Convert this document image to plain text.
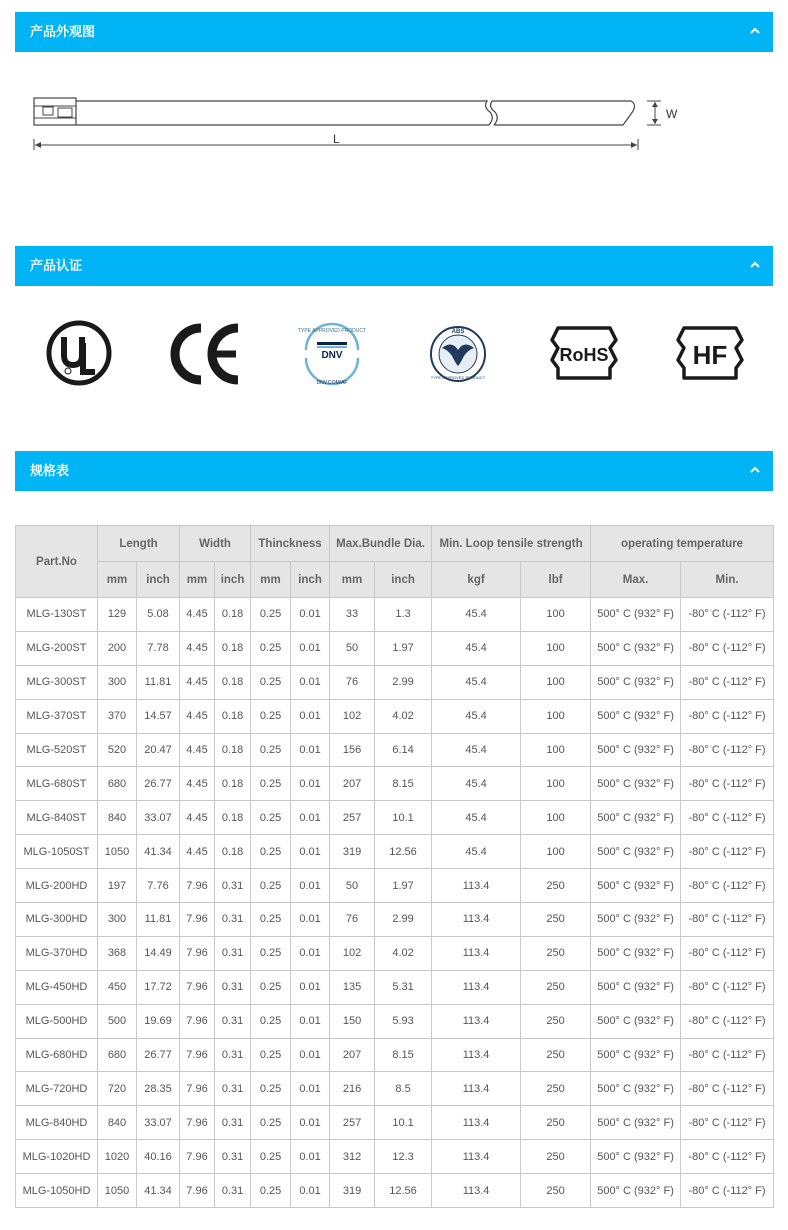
产品外观图
W
L
产品认证
TYPE APPROVED PRODUCT
DNV
DNV.COM/AF
ABS
TYPE APPROVED PRODUCT
RoHS	HF
规格表
Part.No	Length		Width		Thinckness		Max.Bundle Dia.		Min. Loop tensile strength		operating temperature	
	mm	inch	mm	inch	mm	inch	mm	inch	kgf	lbf	Max.	Min.
MLG-130ST	129	5.08	4.45	0.18	0.25	0.01	33	1.3	45.4	100	500° C (932° F)	-80° C (-112° F)
MLG-200ST	200	7.78	4.45	0.18	0.25	0.01	50	1.97	45.4	100	500° C (932° F)	-80° C (-112° F)
MLG-300ST	300	11.81	4.45	0.18	0.25	0.01	76	2.99	45.4	100	500° C (932° F)	-80° C (-112° F)
MLG-370ST	370	14.57	4.45	0.18	0.25	0.01	102	4.02	45.4	100	500° C (932° F)	-80° C (-112° F)
MLG-520ST	520	20.47	4.45	0.18	0.25	0.01	156	6.14	45.4	100	500° C (932° F)	-80° C (-112° F)
MLG-680ST	680	26.77	4.45	0.18	0.25	0.01	207	8.15	45.4	100	500° C (932° F)	-80° C (-112° F)
MLG-840ST	840	33.07	4.45	0.18	0.25	0.01	257	10.1	45.4	100	500° C (932° F)	-80° C (-112° F)
MLG-1050ST	1050	41.34	4.45	0.18	0.25	0.01	319	12.56	45.4	100	500° C (932° F)	-80° C (-112° F)
MLG-200HD	197	7.76	7.96	0.31	0.25	0.01	50	1.97	113.4	250	500° C (932° F)	-80° C (-112° F)
MLG-300HD	300	11.81	7.96	0.31	0.25	0.01	76	2.99	113.4	250	500° C (932° F)	-80° C (-112° F)
MLG-370HD	368	14.49	7.96	0.31	0.25	0.01	102	4.02	113.4	250	500° C (932° F)	-80° C (-112° F)
MLG-450HD	450	17.72	7.96	0.31	0.25	0.01	135	5.31	113.4	250	500° C (932° F)	-80° C (-112° F)
MLG-500HD	500	19.69	7.96	0.31	0.25	0.01	150	5.93	113.4	250	500° C (932° F)	-80° C (-112° F)
MLG-680HD	680	26.77	7.96	0.31	0.25	0.01	207	8.15	113.4	250	500° C (932° F)	-80° C (-112° F)
MLG-720HD	720	28.35	7.96	0.31	0.25	0.01	216	8.5	113.4	250	500° C (932° F)	-80° C (-112° F)
MLG-840HD	840	33.07	7.96	0.31	0.25	0.01	257	10.1	113.4	250	500° C (932° F)	-80° C (-112° F)
MLG-1020HD	1020	40.16	7.96	0.31	0.25	0.01	312	12.3	113.4	250	500° C (932° F)	-80° C (-112° F)
MLG-1050HD	1050	41.34	7.96	0.31	0.25	0.01	319	12.56	113.4	250	500° C (932° F)	-80° C (-112° F)
